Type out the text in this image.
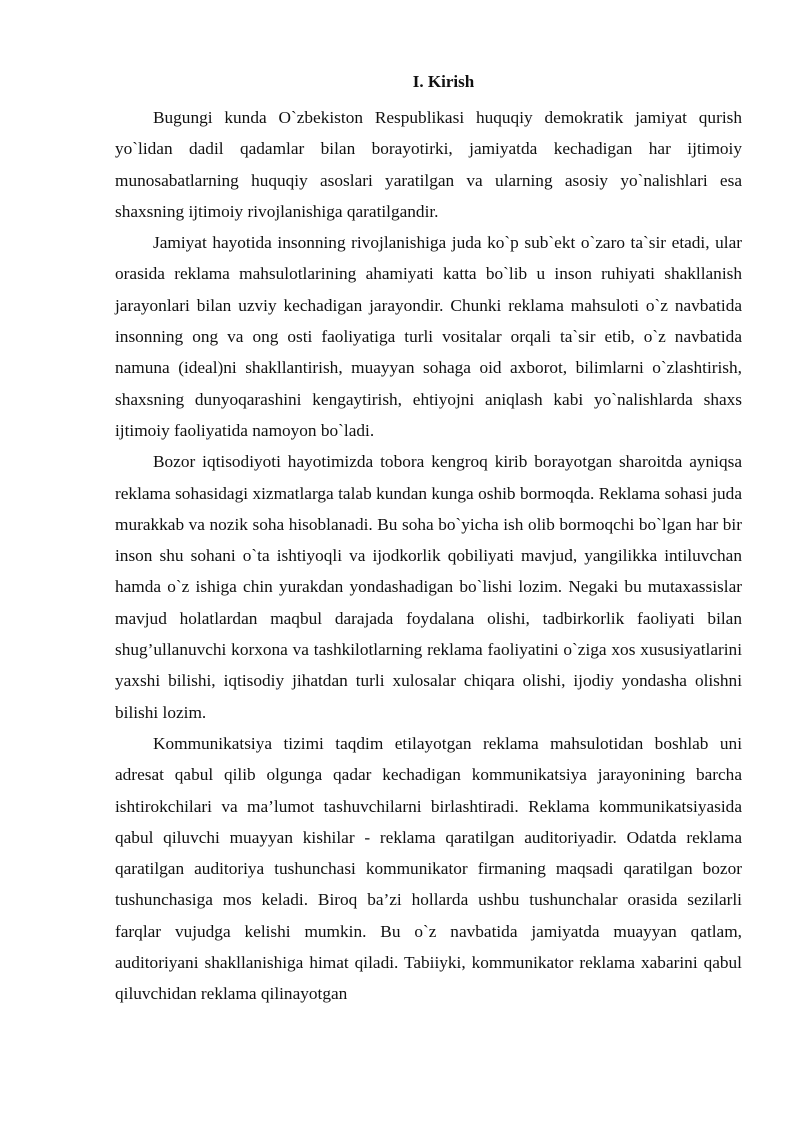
I. Kirish

Bugungi kunda O`zbekiston Respublikasi huquqiy demokratik jamiyat qurish yo`lidan dadil qadamlar bilan borayotirki, jamiyatda kechadigan har ijtimoiy munosabatlarning huquqiy asoslari yaratilgan va ularning asosiy yo`nalishlari esa shaxsning ijtimoiy rivojlanishiga qaratilgandir.

Jamiyat hayotida insonning rivojlanishiga juda ko`p sub`ekt o`zaro ta`sir etadi, ular orasida reklama mahsulotlarining ahamiyati katta bo`lib u inson ruhiyati shakllanish jarayonlari bilan uzviy kechadigan jarayondir. Chunki reklama mahsuloti o`z navbatida insonning ong va ong osti faoliyatiga turli vositalar orqali ta`sir etib, o`z navbatida namuna (ideal)ni shakllantirish, muayyan sohaga oid axborot, bilimlarni o`zlashtirish, shaxsning dunyoqarashini kengaytirish, ehtiyojni aniqlash kabi yo`nalishlarda shaxs ijtimoiy faoliyatida namoyon bo`ladi.

Bozor iqtisodiyoti hayotimizda tobora kengroq kirib borayotgan sharoitda ayniqsa reklama sohasidagi xizmatlarga talab kundan kunga oshib bormoqda. Reklama sohasi juda murakkab va nozik soha hisoblanadi. Bu soha bo`yicha ish olib bormoqchi bo`lgan har bir inson shu sohani o`ta ishtiyoqli va ijodkorlik qobiliyati mavjud, yangilikka intiluvchan hamda o`z ishiga chin yurakdan yondashadigan bo`lishi lozim. Negaki bu mutaxassislar mavjud holatlardan maqbul darajada foydalana olishi, tadbirkorlik faoliyati bilan shug’ullanuvchi korxona va tashkilotlarning reklama faoliyatini o`ziga xos xususiyatlarini yaxshi bilishi, iqtisodiy jihatdan turli xulosalar chiqara olishi, ijodiy yondasha olishni bilishi lozim.

Kommunikatsiya tizimi taqdim etilayotgan reklama mahsulotidan boshlab uni adresat qabul qilib olgunga qadar kechadigan kommunikatsiya jarayonining barcha ishtirokchilari va ma’lumot tashuvchilarni birlashtiradi. Reklama kommunikatsiyasida qabul qiluvchi muayyan kishilar - reklama qaratilgan auditoriyadir. Odatda reklama qaratilgan auditoriya tushunchasi kommunikator firmaning maqsadi qaratilgan bozor tushunchasiga mos keladi. Biroq ba’zi hollarda ushbu tushunchalar orasida sezilarli farqlar vujudga kelishi mumkin. Bu o`z navbatida jamiyatda muayyan qatlam, auditoriyani shakllanishiga himat qiladi. Tabiiyki, kommunikator reklama xabarini qabul qiluvchidan reklama qilinayotgan
